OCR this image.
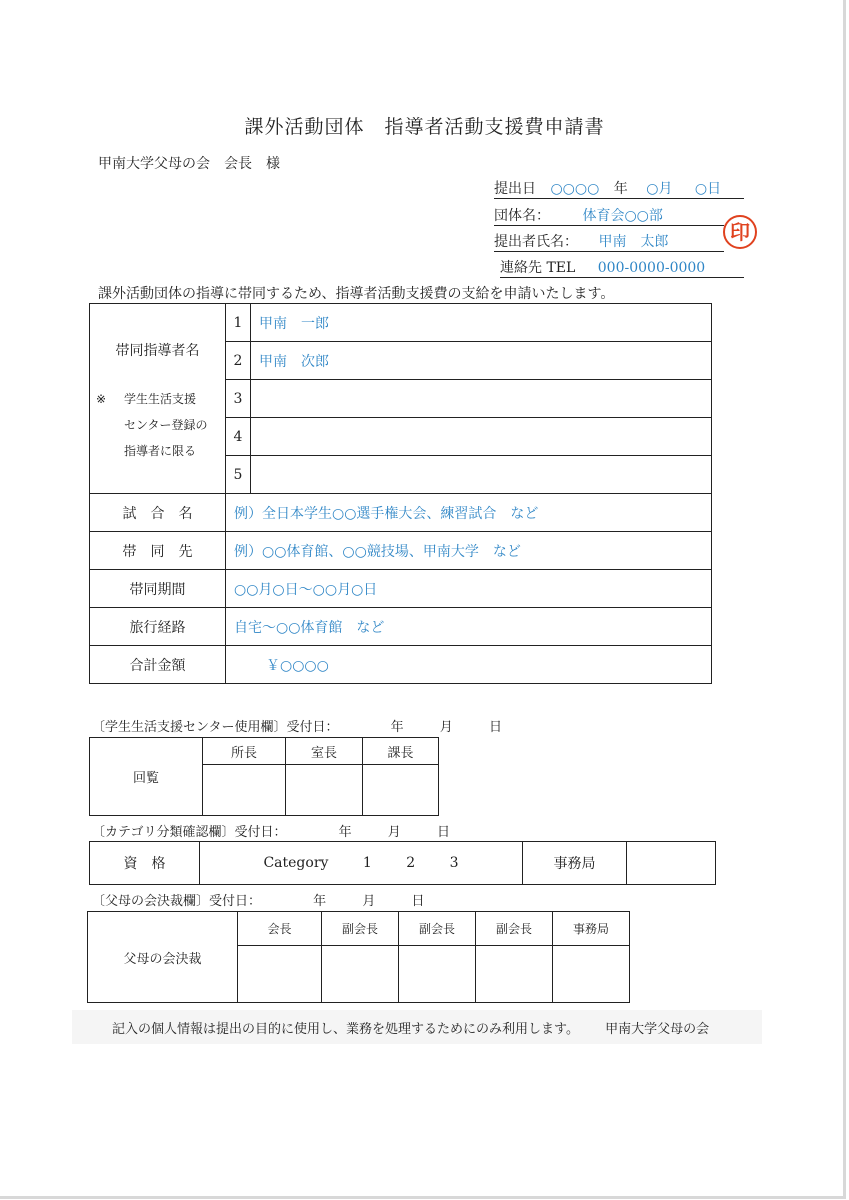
課外活動団体　指導者活動支援費申請書
甲南大学父母の会　会長　様
提出日 ○○○○ 年 ○月 ○日
団体名： 体育会○○部
提出者氏名： 甲南　太郎	印
連絡先 TEL 000-0000-0000
課外活動団体の指導に帯同するため、指導者活動支援費の支給を申請いたします。
帯同指導者名
※ 学生生活支援
センター登録の
指導者に限る	1	甲南　一郎
	2	甲南　次郎
	3	
	4	
	5	
試　合　名	例）全日本学生○○選手権大会、練習試合　など	
帯　同　先	例）○○体育館、○○競技場、甲南大学　など	
帯同期間	○○月○日〜○○月○日	
旅行経路	自宅〜○○体育館　など	
合計金額	￥○○○○	
〔学生生活支援センター使用欄〕受付日：	年	月	日
回覧	所長	室長	課長

〔カテゴリ分類確認欄〕受付日：	年	月	日
資　格	Category 1 2 3	事務局	
〔父母の会決裁欄〕受付日：	年	月	日
父母の会決裁	会長	副会長	副会長	副会長	事務局

記入の個人情報は提出の目的に使用し、業務を処理するためにのみ利用します。 甲南大学父母の会
